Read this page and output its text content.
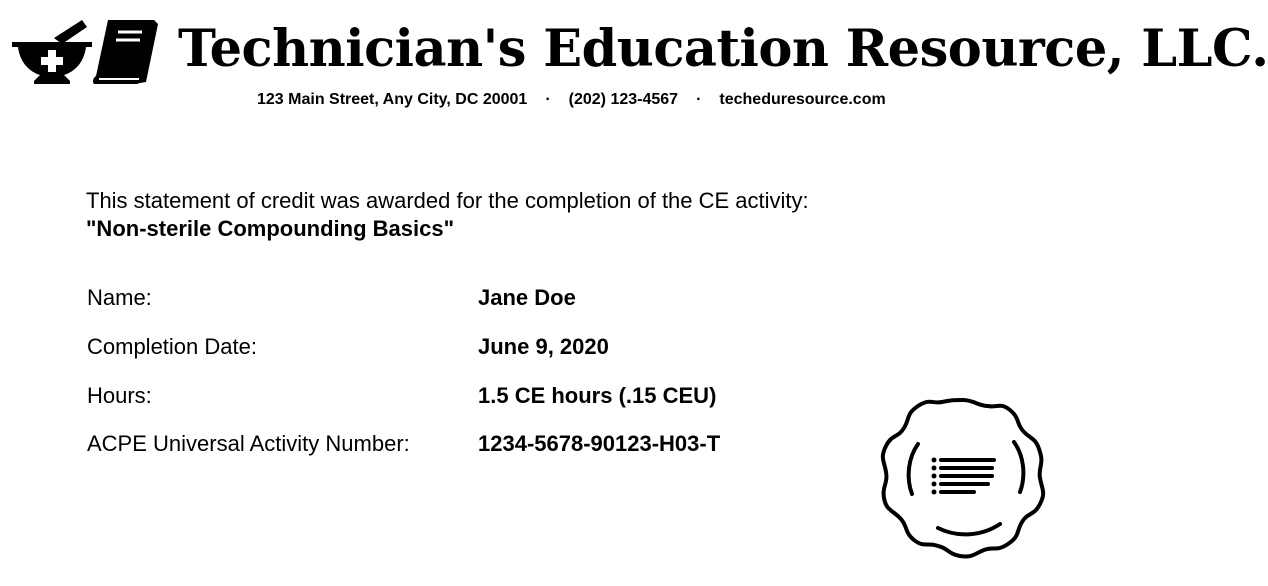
Technician's Education Resource, LLC.
123 Main Street, Any City, DC 20001 · (202) 123-4567 · techeduresource.com
This statement of credit was awarded for the completion of the CE activity:
"Non-sterile Compounding Basics"
Name:	Jane Doe
Completion Date:	June 9, 2020
Hours:	1.5 CE hours (.15 CEU)
ACPE Universal Activity Number:	1234-5678-90123-H03-T
